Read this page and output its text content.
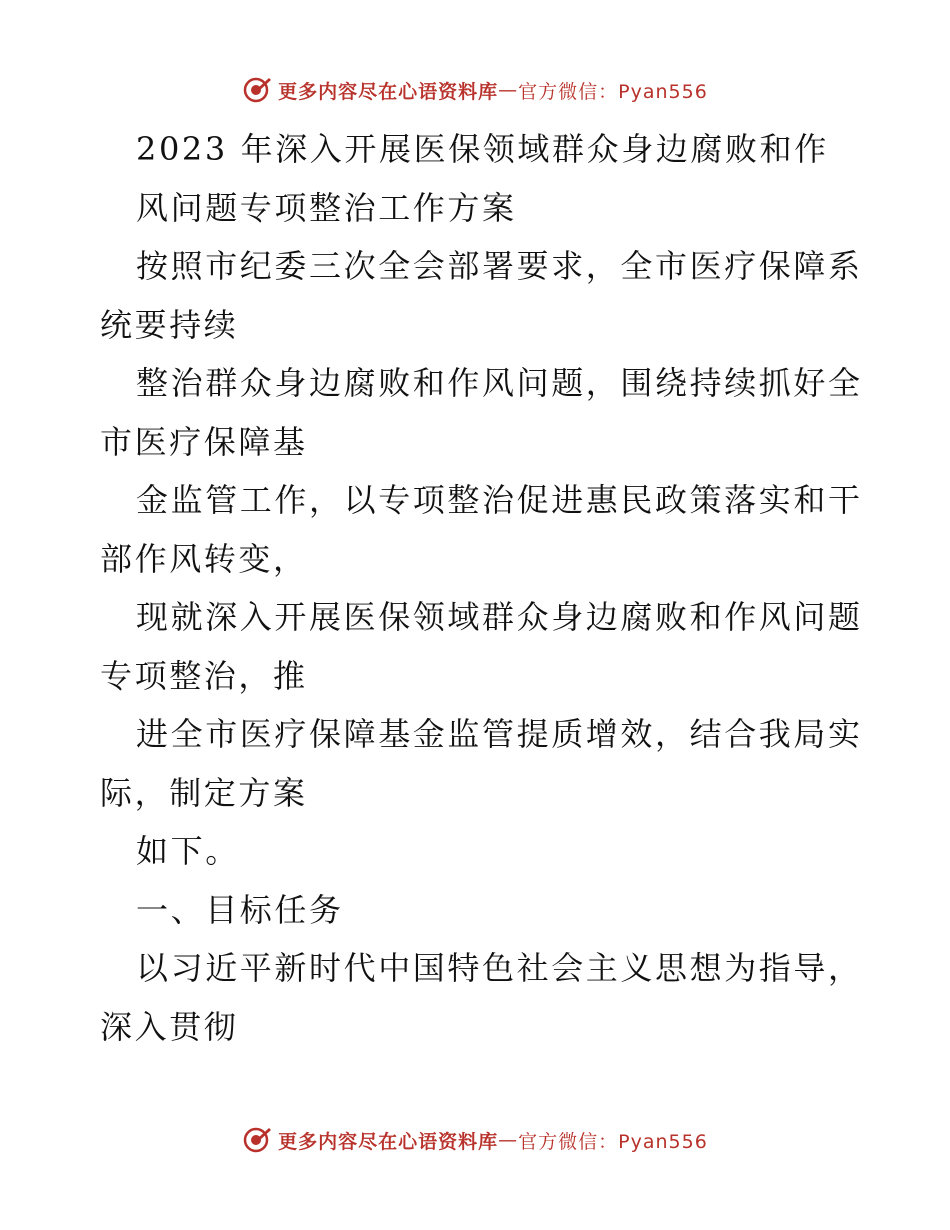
更多内容尽在心语资料库 — 官方微信：Pyan556
2023 年深入开展医保领域群众身边腐败和作
风问题专项整治工作方案
按照市纪委三次全会部署要求，全市医疗保障系
统要持续
整治群众身边腐败和作风问题，围绕持续抓好全
市医疗保障基
金监管工作，以专项整治促进惠民政策落实和干
部作风转变，
现就深入开展医保领域群众身边腐败和作风问题
专项整治，推
进全市医疗保障基金监管提质增效，结合我局实
际，制定方案
如下。
一、目标任务
以习近平新时代中国特色社会主义思想为指导，
深入贯彻
更多内容尽在心语资料库 — 官方微信：Pyan556
